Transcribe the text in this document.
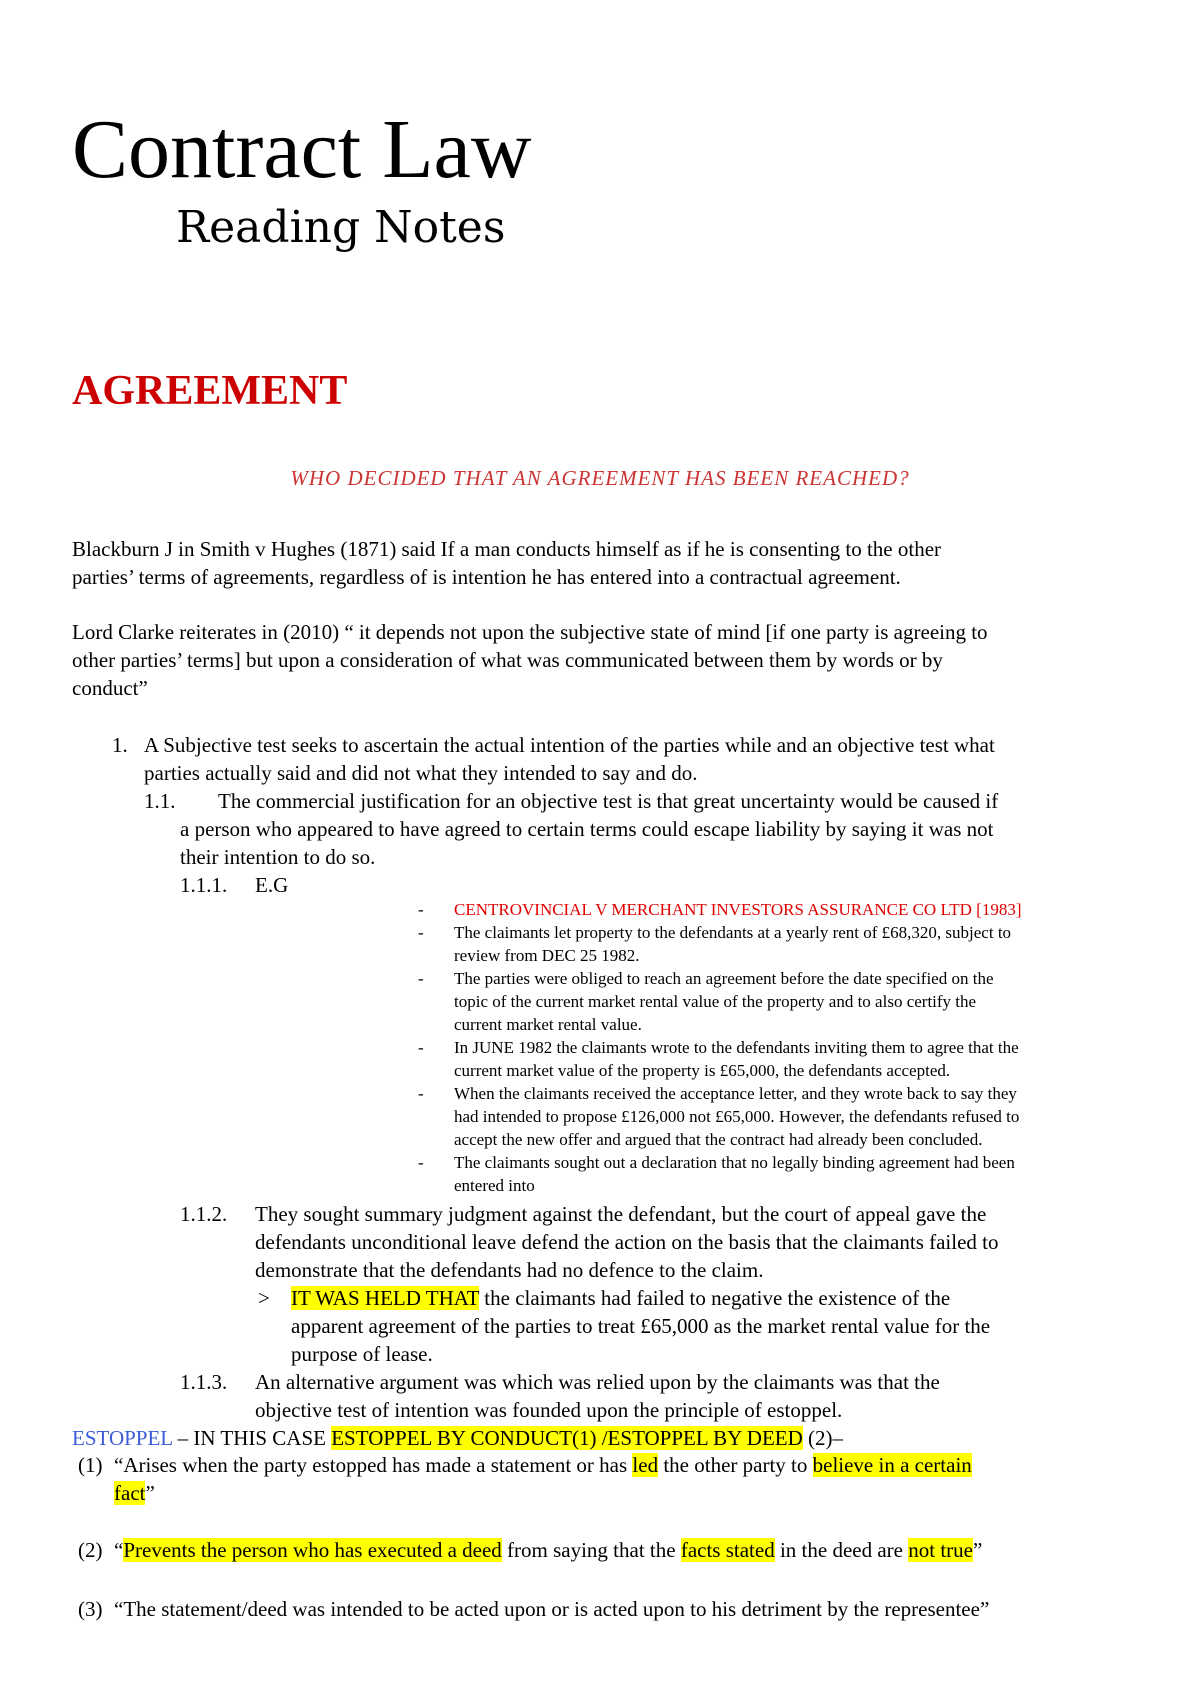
Contract Law
Reading Notes
AGREEMENT
WHO DECIDED THAT AN AGREEMENT HAS BEEN REACHED?
Blackburn J in Smith v Hughes (1871) said If a man conducts himself as if he is consenting to the other
parties’ terms of agreements, regardless of is intention he has entered into a contractual agreement.
Lord Clarke reiterates in (2010) “ it depends not upon the subjective state of mind [if one party is agreeing to
other parties’ terms] but upon a consideration of what was communicated between them by words or by
conduct”
1. A Subjective test seeks to ascertain the actual intention of the parties while and an objective test what
parties actually said and did not what they intended to say and do.
1.1. The commercial justification for an objective test is that great uncertainty would be caused if
a person who appeared to have agreed to certain terms could escape liability by saying it was not
their intention to do so.
1.1.1. E.G
- CENTROVINCIAL V MERCHANT INVESTORS ASSURANCE CO LTD [1983]
- The claimants let property to the defendants at a yearly rent of £68,320, subject to
review from DEC 25 1982.
- The parties were obliged to reach an agreement before the date specified on the
topic of the current market rental value of the property and to also certify the
current market rental value.
- In JUNE 1982 the claimants wrote to the defendants inviting them to agree that the
current market value of the property is £65,000, the defendants accepted.
- When the claimants received the acceptance letter, and they wrote back to say they
had intended to propose £126,000 not £65,000. However, the defendants refused to
accept the new offer and argued that the contract had already been concluded.
- The claimants sought out a declaration that no legally binding agreement had been
entered into
1.1.2. They sought summary judgment against the defendant, but the court of appeal gave the
defendants unconditional leave defend the action on the basis that the claimants failed to
demonstrate that the defendants had no defence to the claim.
> IT WAS HELD THAT the claimants had failed to negative the existence of the
apparent agreement of the parties to treat £65,000 as the market rental value for the
purpose of lease.
1.1.3. An alternative argument was which was relied upon by the claimants was that the
objective test of intention was founded upon the principle of estoppel.
ESTOPPEL – IN THIS CASE ESTOPPEL BY CONDUCT(1) /ESTOPPEL BY DEED (2)–
(1) “Arises when the party estopped has made a statement or has led the other party to believe in a certain
fact”
(2) “Prevents the person who has executed a deed from saying that the facts stated in the deed are not true”
(3) “The statement/deed was intended to be acted upon or is acted upon to his detriment by the representee”
